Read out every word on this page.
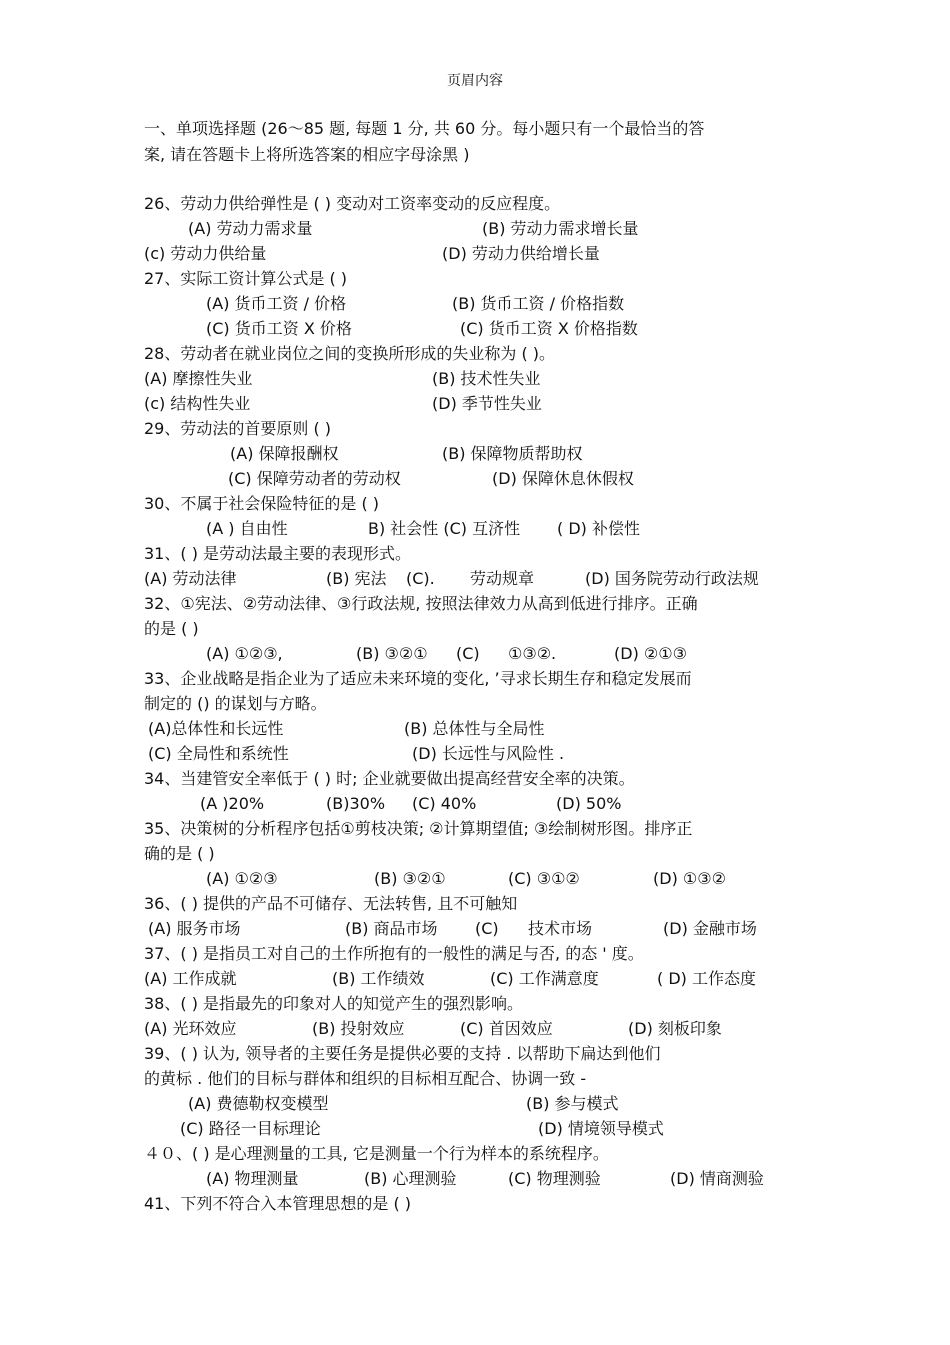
页眉内容
一、单项选择题 (26～85 题, 每题 1 分, 共 60 分。每小题只有一个最恰当的答
案, 请在答题卡上将所选答案的相应字母涂黑 )
26、劳动力供给弹性是 ( ) 变动对工资率变动的反应程度。
(A) 劳动力需求量	(B) 劳动力需求增长量
(c) 劳动力供给量	(D) 劳动力供给增长量
27、实际工资计算公式是 ( )
(A) 货币工资 / 价格	(B) 货币工资 / 价格指数
(C) 货币工资 X 价格	(C) 货币工资 X 价格指数
28、劳动者在就业岗位之间的变换所形成的失业称为 ( )。
(A) 摩擦性失业	(B) 技术性失业
(c) 结构性失业	(D) 季节性失业
29、劳动法的首要原则 ( )
(A) 保障报酬权	(B) 保障物质帮助权
(C) 保障劳动者的劳动权	(D) 保障休息休假权
30、不属于社会保险特征的是 ( )
(A ) 自由性	B) 社会性 (C) 互济性 ( D) 补偿性
31、( ) 是劳动法最主要的表现形式。
(A) 劳动法律	(B) 宪法 (C). 劳动规章	(D) 国务院劳动行政法规
32、①宪法、②劳动法律、③行政法规, 按照法律效力从高到低进行排序。正确
的是 ( )
(A) ①②③,	(B) ③②① (C) ①③②.	(D) ②①③
33、企业战略是指企业为了适应未来环境的变化, ’寻求长期生存和稳定发展而
制定的 () 的谋划与方略。
(A)总体性和长远性	(B) 总体性与全局性
(C) 全局性和系统性	(D) 长远性与风险性 .
34、当建管安全率低于 ( ) 时; 企业就要做出提高经营安全率的决策。
(A )20%	(B)30% (C) 40%	(D) 50%
35、决策树的分析程序包括①剪枝决策; ②计算期望值; ③绘制树形图。排序正
确的是 ( )
(A) ①②③	(B) ③②①	(C) ③①②	(D) ①③②
36、( ) 提供的产品不可储存、无法转售, 且不可触知
(A) 服务市场	(B) 商品市场 (C) 技术市场	(D) 金融市场
37、( ) 是指员工对自己的土作所抱有的一般性的满足与否, 的态 ' 度。
(A) 工作成就	(B) 工作绩效	(C) 工作满意度	( D) 工作态度
38、( ) 是指最先的印象对人的知觉产生的强烈影响。
(A) 光环效应	(B) 投射效应	(C) 首因效应	(D) 刻板印象
39、( ) 认为, 领导者的主要任务是提供必要的支持 . 以帮助下扁达到他们
的黄标 . 他们的目标与群体和组织的目标相互配合、协调一致 -
(A) 费德勒权变模型	(B) 参与模式
(C) 路径一目标理论	(D) 情境领导模式
４０、( ) 是心理测量的工具, 它是测量一个行为样本的系统程序。
(A) 物理测量	(B) 心理测验	(C) 物理测验	(D) 情商测验
41、下列不符合入本管理思想的是 ( )
